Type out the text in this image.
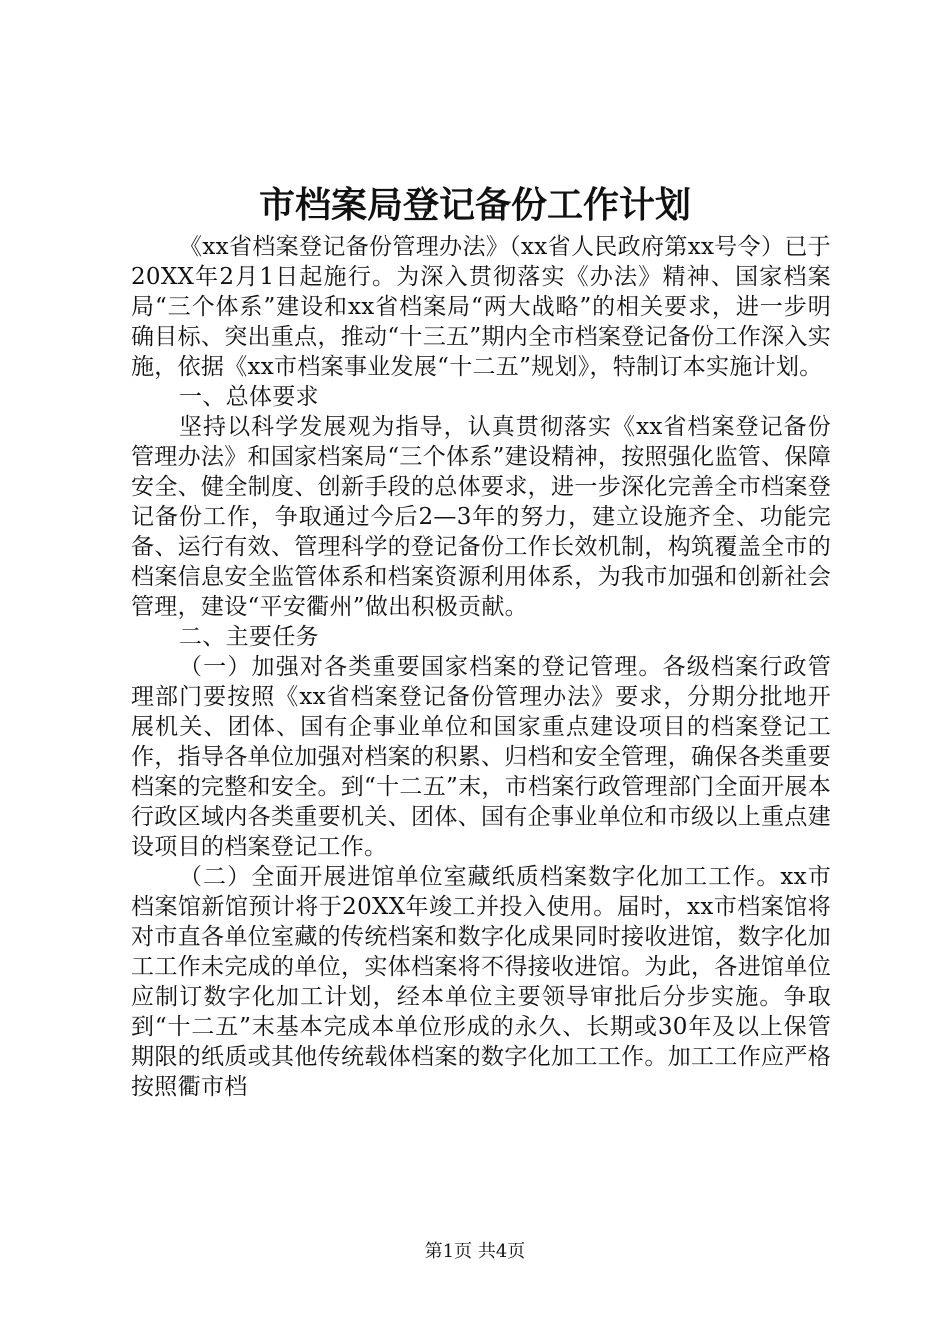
市档案局登记备份工作计划

《xx省档案登记备份管理办法》（xx省人民政府第xx号令）已于20XX年2月1日起施行。为深入贯彻落实《办法》精神、国家档案局“三个体系”建设和xx省档案局“两大战略”的相关要求，进一步明确目标、突出重点，推动“十三五”期内全市档案登记备份工作深入实施，依据《xx市档案事业发展“十二五”规划》，特制订本实施计划。

一、总体要求

坚持以科学发展观为指导，认真贯彻落实《xx省档案登记备份管理办法》和国家档案局“三个体系”建设精神，按照强化监管、保障安全、健全制度、创新手段的总体要求，进一步深化完善全市档案登记备份工作，争取通过今后2—3年的努力，建立设施齐全、功能完备、运行有效、管理科学的登记备份工作长效机制，构筑覆盖全市的档案信息安全监管体系和档案资源利用体系，为我市加强和创新社会管理，建设“平安衢州”做出积极贡献。

二、主要任务

（一）加强对各类重要国家档案的登记管理。各级档案行政管理部门要按照《xx省档案登记备份管理办法》要求，分期分批地开展机关、团体、国有企事业单位和国家重点建设项目的档案登记工作，指导各单位加强对档案的积累、归档和安全管理，确保各类重要档案的完整和安全。到“十二五”末，市档案行政管理部门全面开展本行政区域内各类重要机关、团体、国有企事业单位和市级以上重点建设项目的档案登记工作。

（二）全面开展进馆单位室藏纸质档案数字化加工工作。xx市档案馆新馆预计将于20XX年竣工并投入使用。届时，xx市档案馆将对市直各单位室藏的传统档案和数字化成果同时接收进馆，数字化加工工作未完成的单位，实体档案将不得接收进馆。为此，各进馆单位应制订数字化加工计划，经本单位主要领导审批后分步实施。争取到“十二五”末基本完成本单位形成的永久、长期或30年及以上保管期限的纸质或其他传统载体档案的数字化加工工作。加工工作应严格按照衢市档

第1页 共4页
